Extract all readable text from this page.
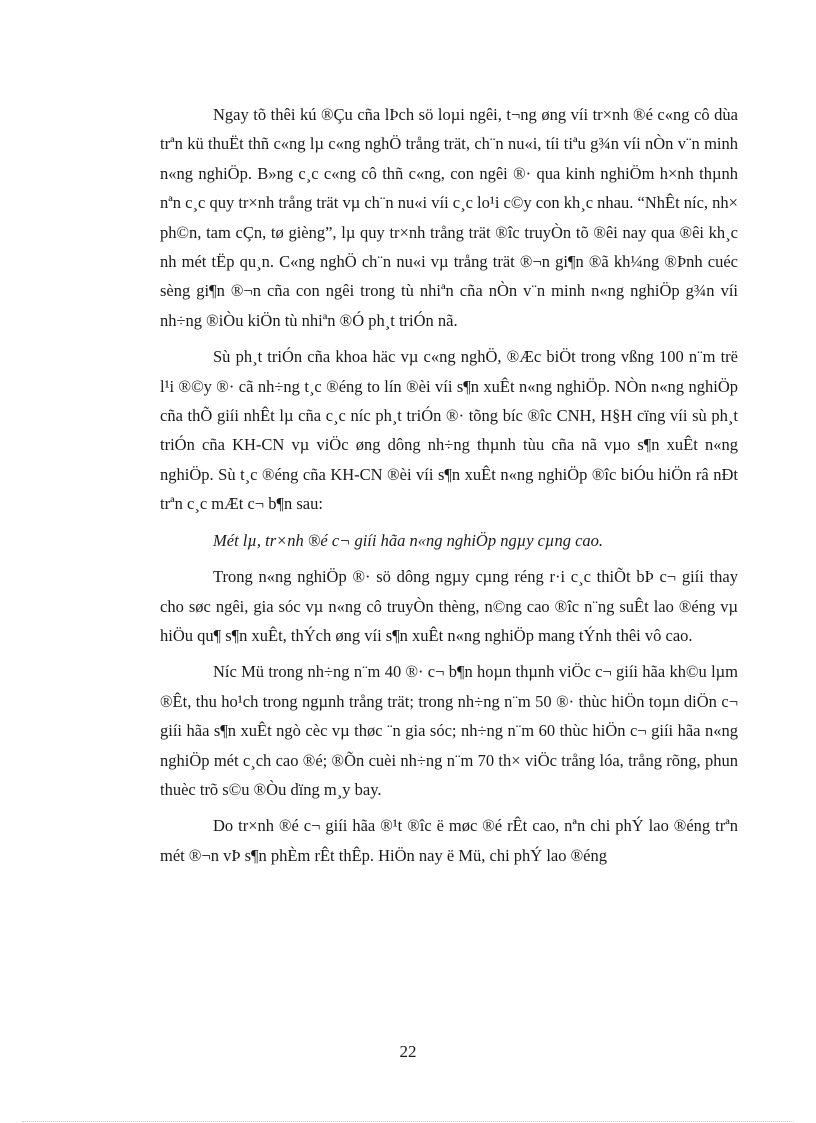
Ngay tõ thêi kú ®Çu cña lÞch sö loµi ngêi, t¬ng øng víi tr×nh ®é c«ng cô dùa trªn kü thuËt thñ c«ng lµ c«ng nghÖ trång trät, ch¨n nu«i, tíi tiªu g¾n víi nÒn v¨n minh n«ng nghiÖp. B»ng c¸c c«ng cô thñ c«ng, con ngêi ®· qua kinh nghiÖm h×nh thµnh nªn c¸c quy tr×nh trång trät vµ ch¨n nu«i víi c¸c lo¹i c©y con kh¸c nhau. “NhÊt níc, nh× ph©n, tam cÇn, tø gièng”, lµ quy tr×nh trång trät ®îc truyÒn tõ ®êi nay qua ®êi kh¸c nh mét tËp qu¸n. C«ng nghÖ ch¨n nu«i vµ trång trät ®¬n gi¶n ®ã kh¼ng ®Þnh cuéc sèng gi¶n ®¬n cña con ngêi trong tù nhiªn cña nÒn v¨n minh n«ng nghiÖp g¾n víi nh÷ng ®iÒu kiÖn tù nhiªn ®Ó ph¸t triÓn nã.

Sù ph¸t triÓn cña khoa häc vµ c«ng nghÖ, ®Æc biÖt trong vßng 100 n¨m trë l¹i ®©y ®· cã nh÷ng t¸c ®éng to lín ®èi víi s¶n xuÊt n«ng nghiÖp. NÒn n«ng nghiÖp cña thÕ giíi nhÊt lµ cña c¸c níc ph¸t triÓn ®· tõng bíc ®îc CNH, H§H cïng víi sù ph¸t triÓn cña KH-CN vµ viÖc øng dông nh÷ng thµnh tùu cña nã vµo s¶n xuÊt n«ng nghiÖp. Sù t¸c ®éng cña KH-CN ®èi víi s¶n xuÊt n«ng nghiÖp ®îc biÓu hiÖn râ nÐt trªn c¸c mÆt c¬ b¶n sau:

Mét lµ, tr×nh ®é c¬ giíi hãa n«ng nghiÖp ngµy cµng cao.

Trong n«ng nghiÖp ®· sö dông ngµy cµng réng r·i c¸c thiÕt bÞ c¬ giíi thay cho søc ngêi, gia sóc vµ n«ng cô truyÒn thèng, n©ng cao ®îc n¨ng suÊt lao ®éng vµ hiÖu qu¶ s¶n xuÊt, thÝch øng víi s¶n xuÊt n«ng nghiÖp mang tÝnh thêi vô cao.

Níc Mü trong nh÷ng n¨m 40 ®· c¬ b¶n hoµn thµnh viÖc c¬ giíi hãa kh©u lµm ®Êt, thu ho¹ch trong ngµnh trång trät; trong nh÷ng n¨m 50 ®· thùc hiÖn toµn diÖn c¬ giíi hãa s¶n xuÊt ngò cèc vµ thøc ¨n gia sóc; nh÷ng n¨m 60 thùc hiÖn c¬ giíi hãa n«ng nghiÖp mét c¸ch cao ®é; ®Õn cuèi nh÷ng n¨m 70 th× viÖc trång lóa, trång rõng, phun thuèc trõ s©u ®Òu dïng m¸y bay.

Do tr×nh ®é c¬ giíi hãa ®¹t ®îc ë møc ®é rÊt cao, nªn chi phÝ lao ®éng trªn mét ®¬n vÞ s¶n phÈm rÊt thÊp. HiÖn nay ë Mü, chi phÝ lao ®éng

22
